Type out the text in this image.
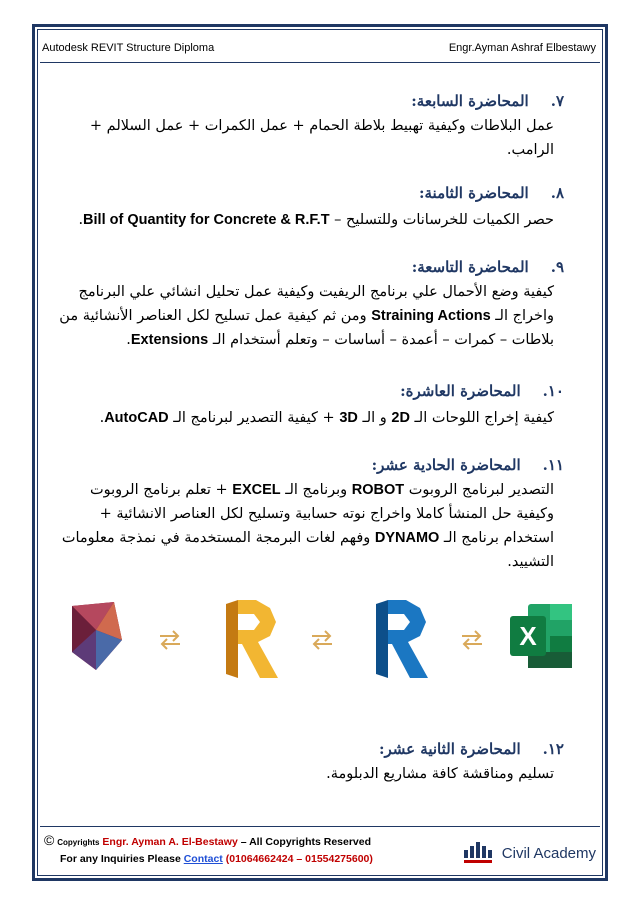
Autodesk REVIT Structure Diploma	Engr.Ayman Ashraf Elbestawy
٧.المحاضرة السابعة:
عمل البلاطات وكيفية تهبيط بلاطة الحمام + عمل الكمرات + عمل السلالم +
الرامب.
٨.المحاضرة الثامنة:
حصر الكميات للخرسانات وللتسليح – Bill of Quantity for Concrete & R.F.T.
٩.المحاضرة التاسعة:
كيفية وضع الأحمال علي برنامج الريفيت وكيفية عمل تحليل انشائي علي البرنامج
واخراج الـ Straining Actions ومن ثم كيفية عمل تسليح لكل العناصر الأنشائية من
بلاطات – كمرات – أعمدة – أساسات – وتعلم أستخدام الـ Extensions.
١٠.المحاضرة العاشرة:
كيفية إخراج اللوحات الـ 2D و الـ 3D + كيفية التصدير لبرنامج الـ AutoCAD.
١١.المحاضرة الحادية عشر:
التصدير لبرنامج الروبوت ROBOT وبرنامج الـ EXCEL + تعلم برنامج الروبوت
وكيفية حل المنشأ كاملا واخراج نوته حسابية وتسليح لكل العناصر الانشائية +
استخدام برنامج الـ DYNAMO وفهم لغات البرمجة المستخدمة في نمذجة معلومات
التشييد.
X
١٢.المحاضرة الثانية عشر:
تسليم ومناقشة كافة مشاريع الدبلومة.
© Copyrights Engr. Ayman A. El-Bestawy – All Copyrights Reserved
For any Inquiries Please Contact (01064662424 – 01554275600)	Civil Academy
